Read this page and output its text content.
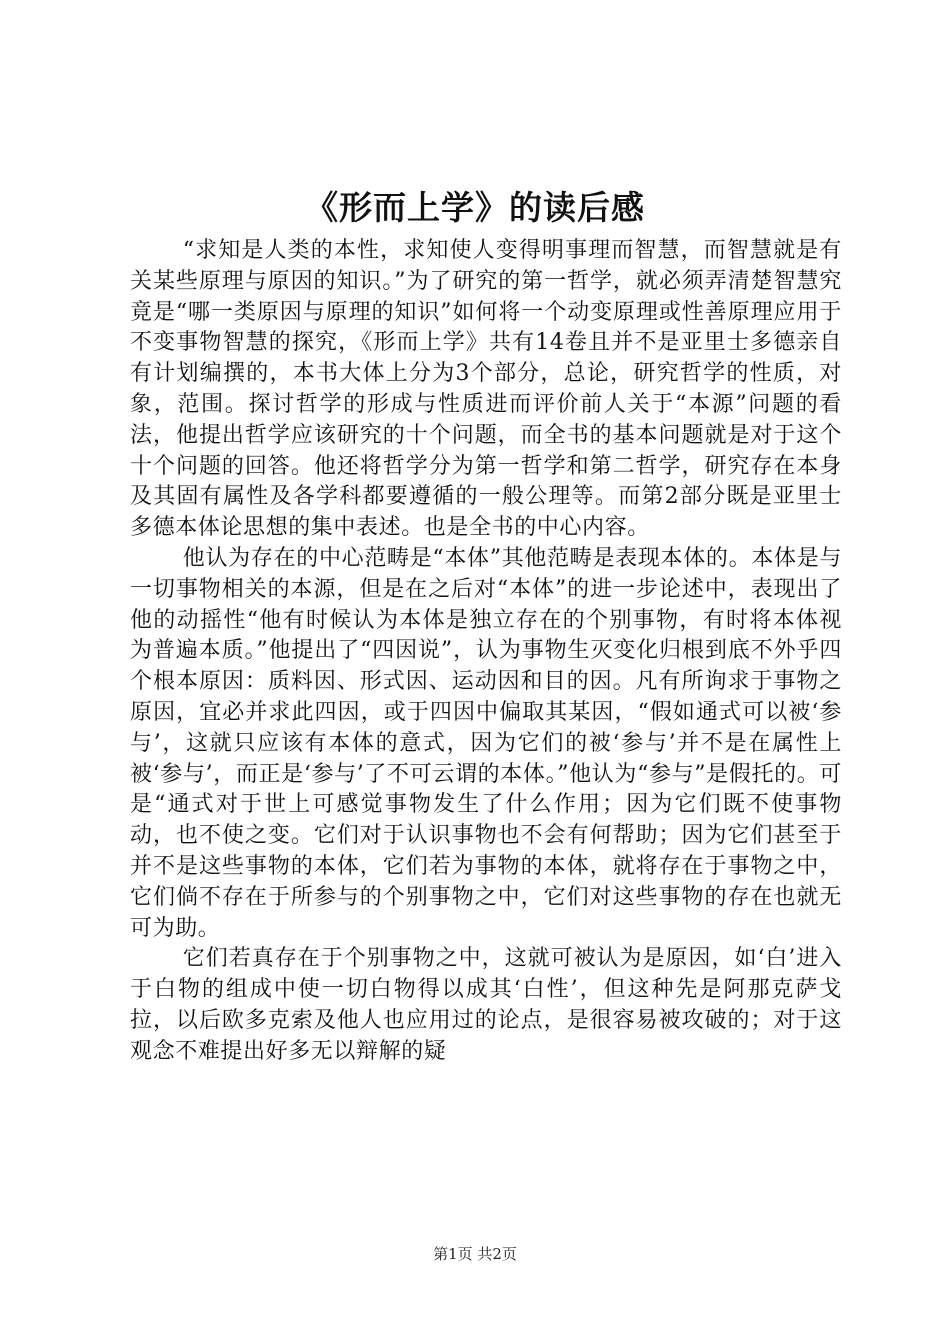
《形而上学》的读后感

“求知是人类的本性，求知使人变得明事理而智慧，而智慧就是有关某些原理与原因的知识。”为了研究的第一哲学，就必须弄清楚智慧究竟是“哪一类原因与原理的知识”如何将一个动变原理或性善原理应用于不变事物智慧的探究，《形而上学》共有14卷且并不是亚里士多德亲自有计划编撰的，本书大体上分为3个部分，总论，研究哲学的性质，对象，范围。探讨哲学的形成与性质进而评价前人关于“本源”问题的看法，他提出哲学应该研究的十个问题，而全书的基本问题就是对于这个十个问题的回答。他还将哲学分为第一哲学和第二哲学，研究存在本身及其固有属性及各学科都要遵循的一般公理等。而第2部分既是亚里士多德本体论思想的集中表述。也是全书的中心内容。

他认为存在的中心范畴是“本体”其他范畴是表现本体的。本体是与一切事物相关的本源，但是在之后对“本体”的进一步论述中，表现出了他的动摇性“他有时候认为本体是独立存在的个别事物，有时将本体视为普遍本质。”他提出了“四因说”，认为事物生灭变化归根到底不外乎四个根本原因：质料因、形式因、运动因和目的因。凡有所询求于事物之原因，宜必并求此四因，或于四因中偏取其某因，“假如通式可以被‘参与’，这就只应该有本体的意式，因为它们的被‘参与’并不是在属性上被‘参与’，而正是‘参与’了不可云谓的本体。”他认为“参与”是假托的。可是“通式对于世上可感觉事物发生了什么作用；因为它们既不使事物动，也不使之变。它们对于认识事物也不会有何帮助；因为它们甚至于并不是这些事物的本体，它们若为事物的本体，就将存在于事物之中，它们倘不存在于所参与的个别事物之中，它们对这些事物的存在也就无可为助。

它们若真存在于个别事物之中，这就可被认为是原因，如‘白’进入于白物的组成中使一切白物得以成其‘白性’，但这种先是阿那克萨戈拉，以后欧多克索及他人也应用过的论点，是很容易被攻破的；对于这观念不难提出好多无以辩解的疑

第1页 共2页
